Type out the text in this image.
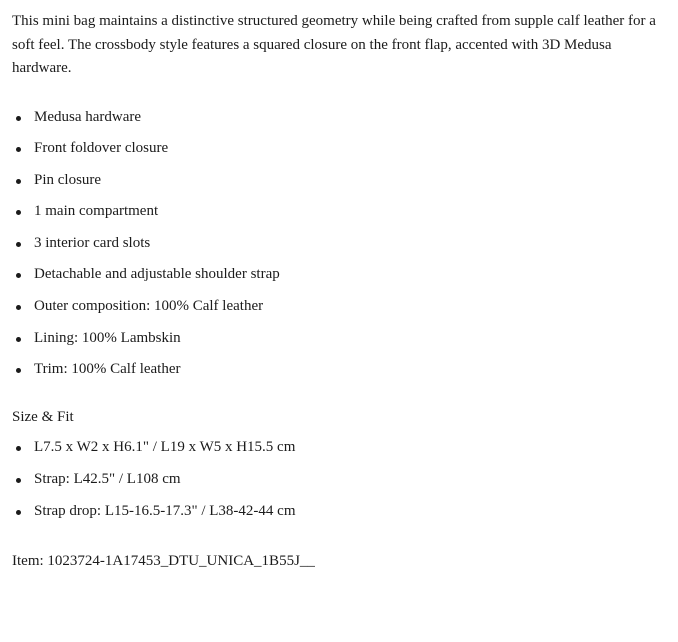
This mini bag maintains a distinctive structured geometry while being crafted from supple calf leather for a soft feel. The crossbody style features a squared closure on the front flap, accented with 3D Medusa hardware.

Medusa hardware
Front foldover closure
Pin closure
1 main compartment
3 interior card slots
Detachable and adjustable shoulder strap
Outer composition: 100% Calf leather
Lining: 100% Lambskin
Trim: 100% Calf leather
Size & Fit
L7.5 x W2 x H6.1" / L19 x W5 x H15.5 cm
Strap: L42.5" / L108 cm
Strap drop: L15-16.5-17.3" / L38-42-44 cm
Item: 1023724-1A17453_DTU_UNICA_1B55J__
